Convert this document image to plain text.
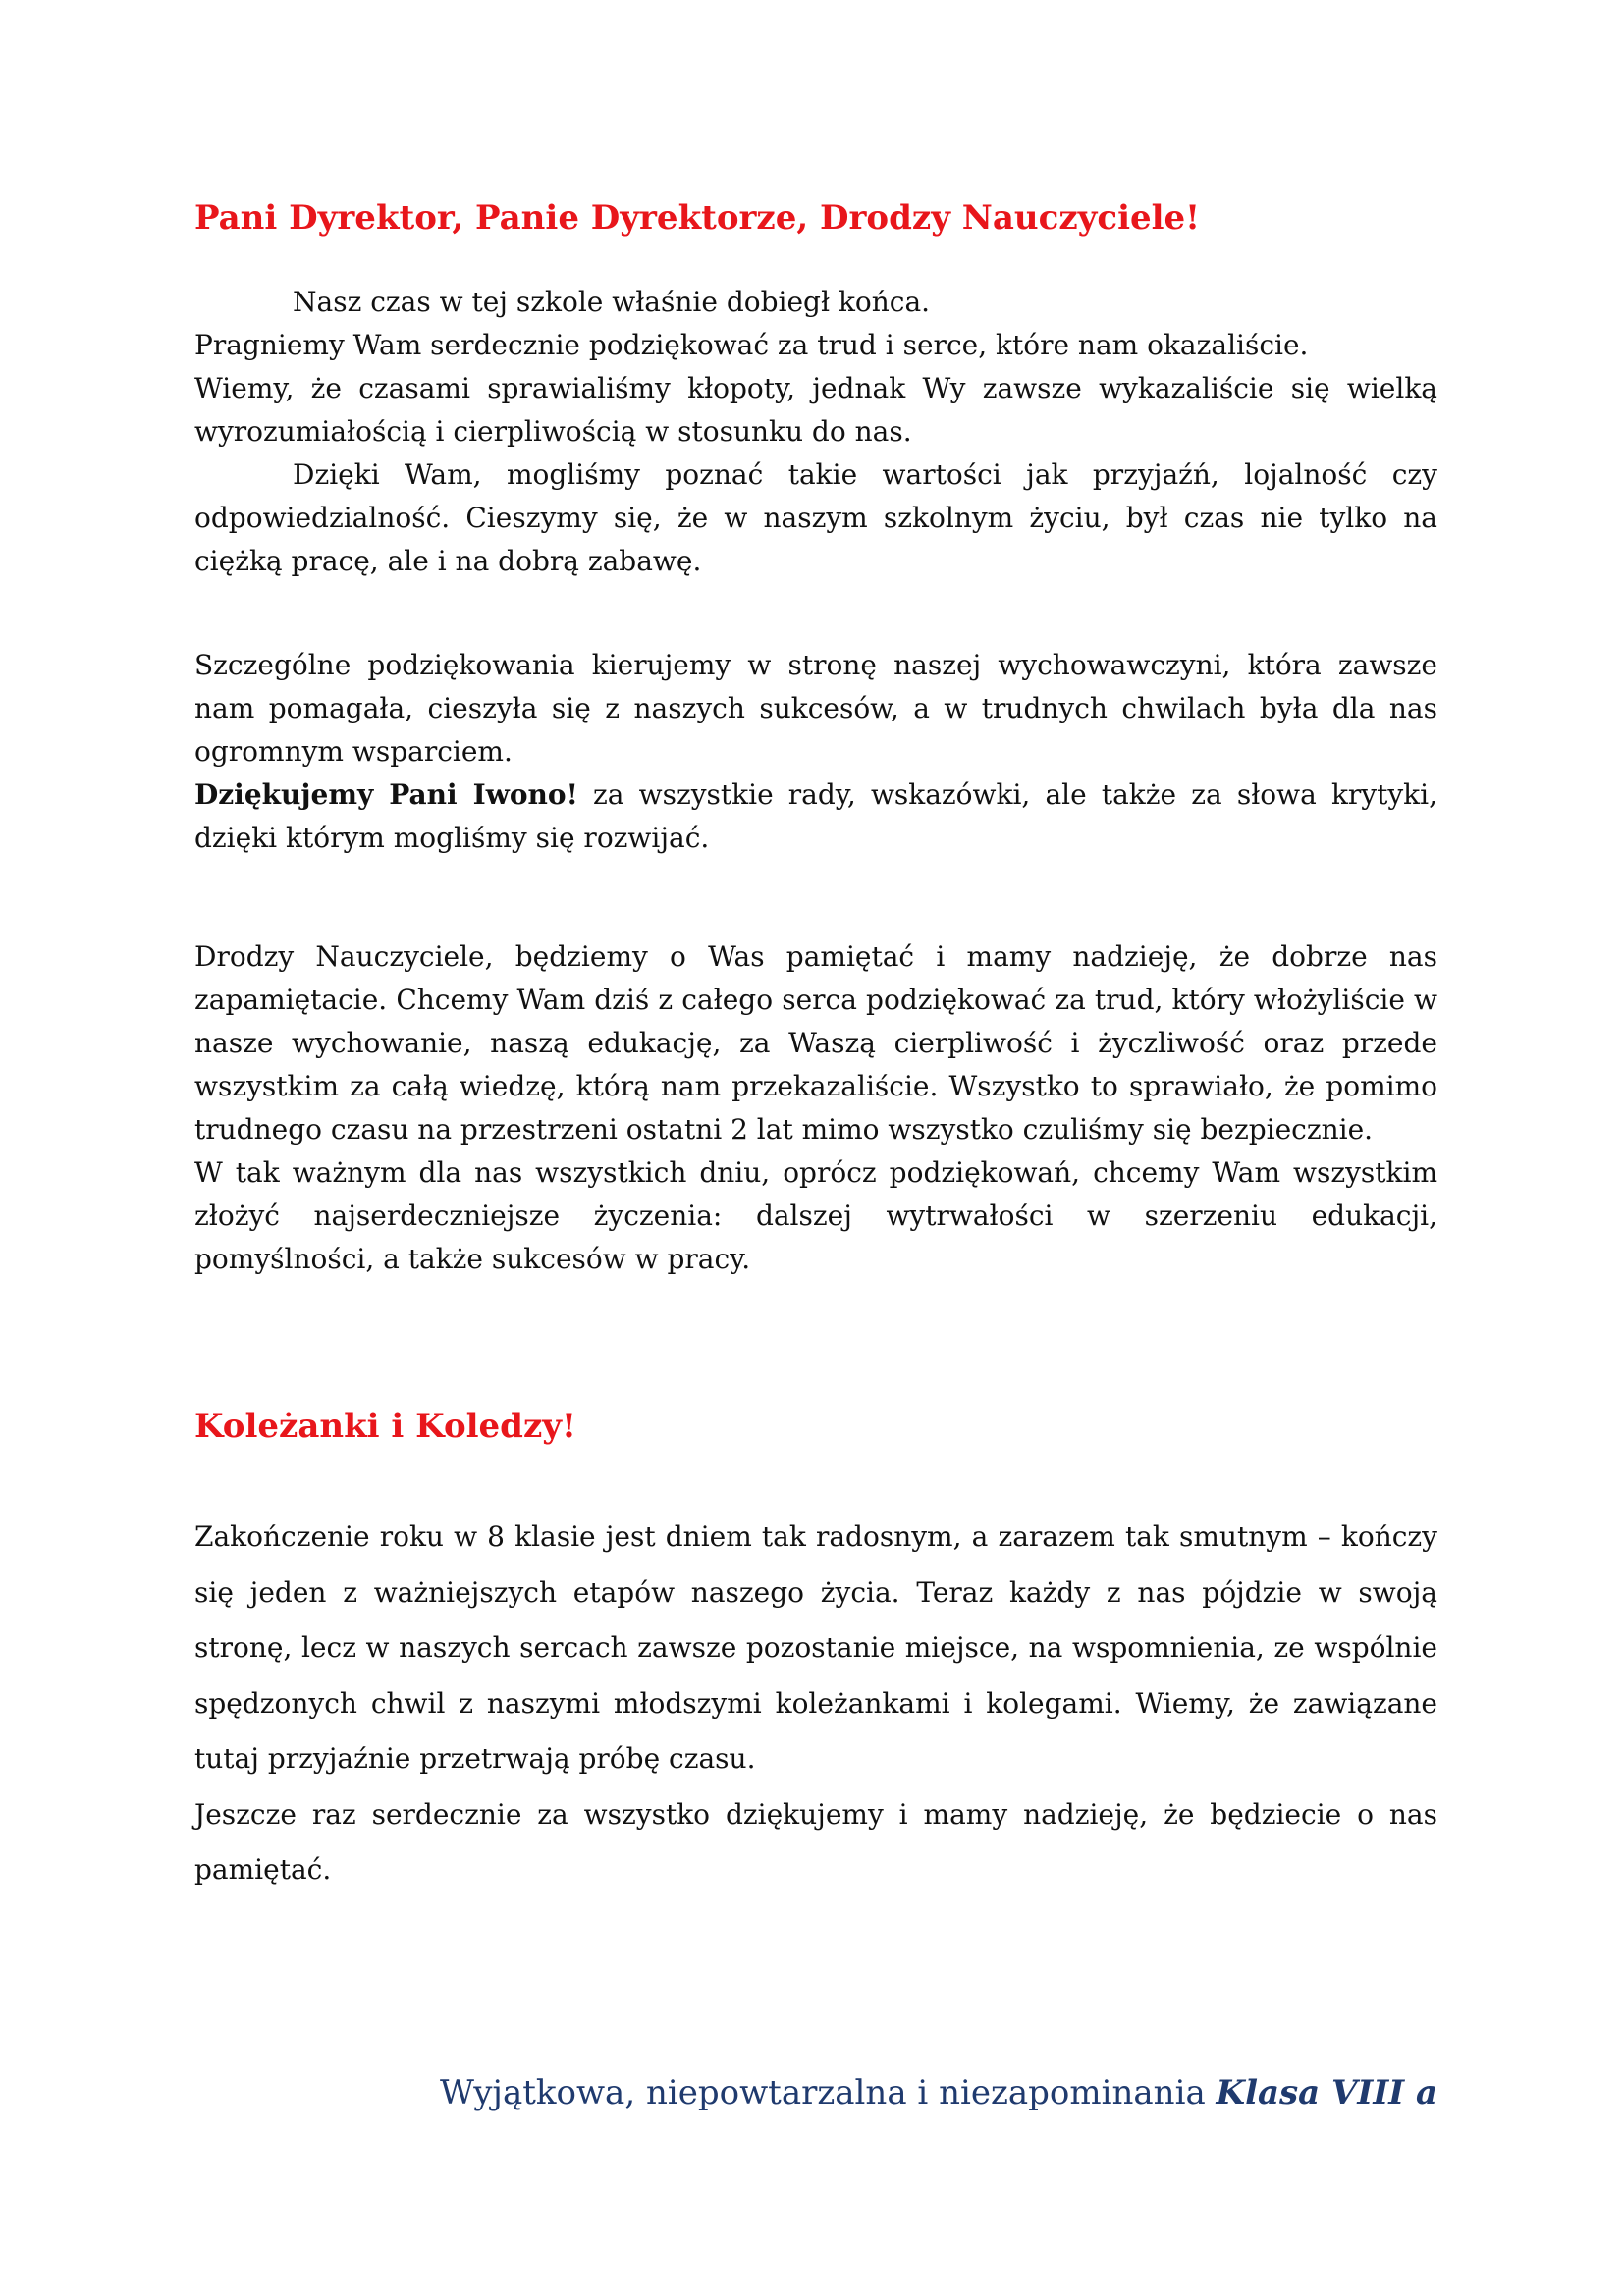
Pani Dyrektor, Panie Dyrektorze, Drodzy Nauczyciele!

Nasz czas w tej szkole właśnie dobiegł końca.

Pragniemy Wam serdecznie podziękować za trud i serce, które nam okazaliście.

Wiemy, że czasami sprawialiśmy kłopoty, jednak Wy zawsze wykazaliście się wielką wyrozumiałością i cierpliwością w stosunku do nas.

Dzięki Wam, mogliśmy poznać takie wartości jak przyjaźń, lojalność czy odpowiedzialność. Cieszymy się, że w naszym szkolnym życiu, był czas nie tylko na ciężką pracę, ale i na dobrą zabawę.

Szczególne podziękowania kierujemy w stronę naszej wychowawczyni, która zawsze nam pomagała, cieszyła się z naszych sukcesów, a w trudnych chwilach była dla nas ogromnym wsparciem.

Dziękujemy Pani Iwono! za wszystkie rady, wskazówki, ale także za słowa krytyki, dzięki którym mogliśmy się rozwijać.

Drodzy Nauczyciele, będziemy o Was pamiętać i mamy nadzieję, że dobrze nas zapamiętacie. Chcemy Wam dziś z całego serca podziękować za trud, który włożyliście w nasze wychowanie, naszą edukację, za Waszą cierpliwość i życzliwość oraz przede wszystkim za całą wiedzę, którą nam przekazaliście. Wszystko to sprawiało, że pomimo trudnego czasu na przestrzeni ostatni 2 lat mimo wszystko czuliśmy się bezpiecznie.

W tak ważnym dla nas wszystkich dniu, oprócz podziękowań, chcemy Wam wszystkim złożyć najserdeczniejsze życzenia: dalszej wytrwałości w szerzeniu edukacji, pomyślności, a także sukcesów w pracy.

Koleżanki i Koledzy!

Zakończenie roku w 8 klasie jest dniem tak radosnym, a zarazem tak smutnym – kończy się jeden z ważniejszych etapów naszego życia. Teraz każdy z nas pójdzie w swoją stronę, lecz w naszych sercach zawsze pozostanie miejsce, na wspomnienia, ze wspólnie spędzonych chwil z naszymi młodszymi koleżankami i kolegami. Wiemy, że zawiązane tutaj przyjaźnie przetrwają próbę czasu.

Jeszcze raz serdecznie za wszystko dziękujemy i mamy nadzieję, że będziecie o nas pamiętać.

Wyjątkowa, niepowtarzalna i niezapominania Klasa VIII a
